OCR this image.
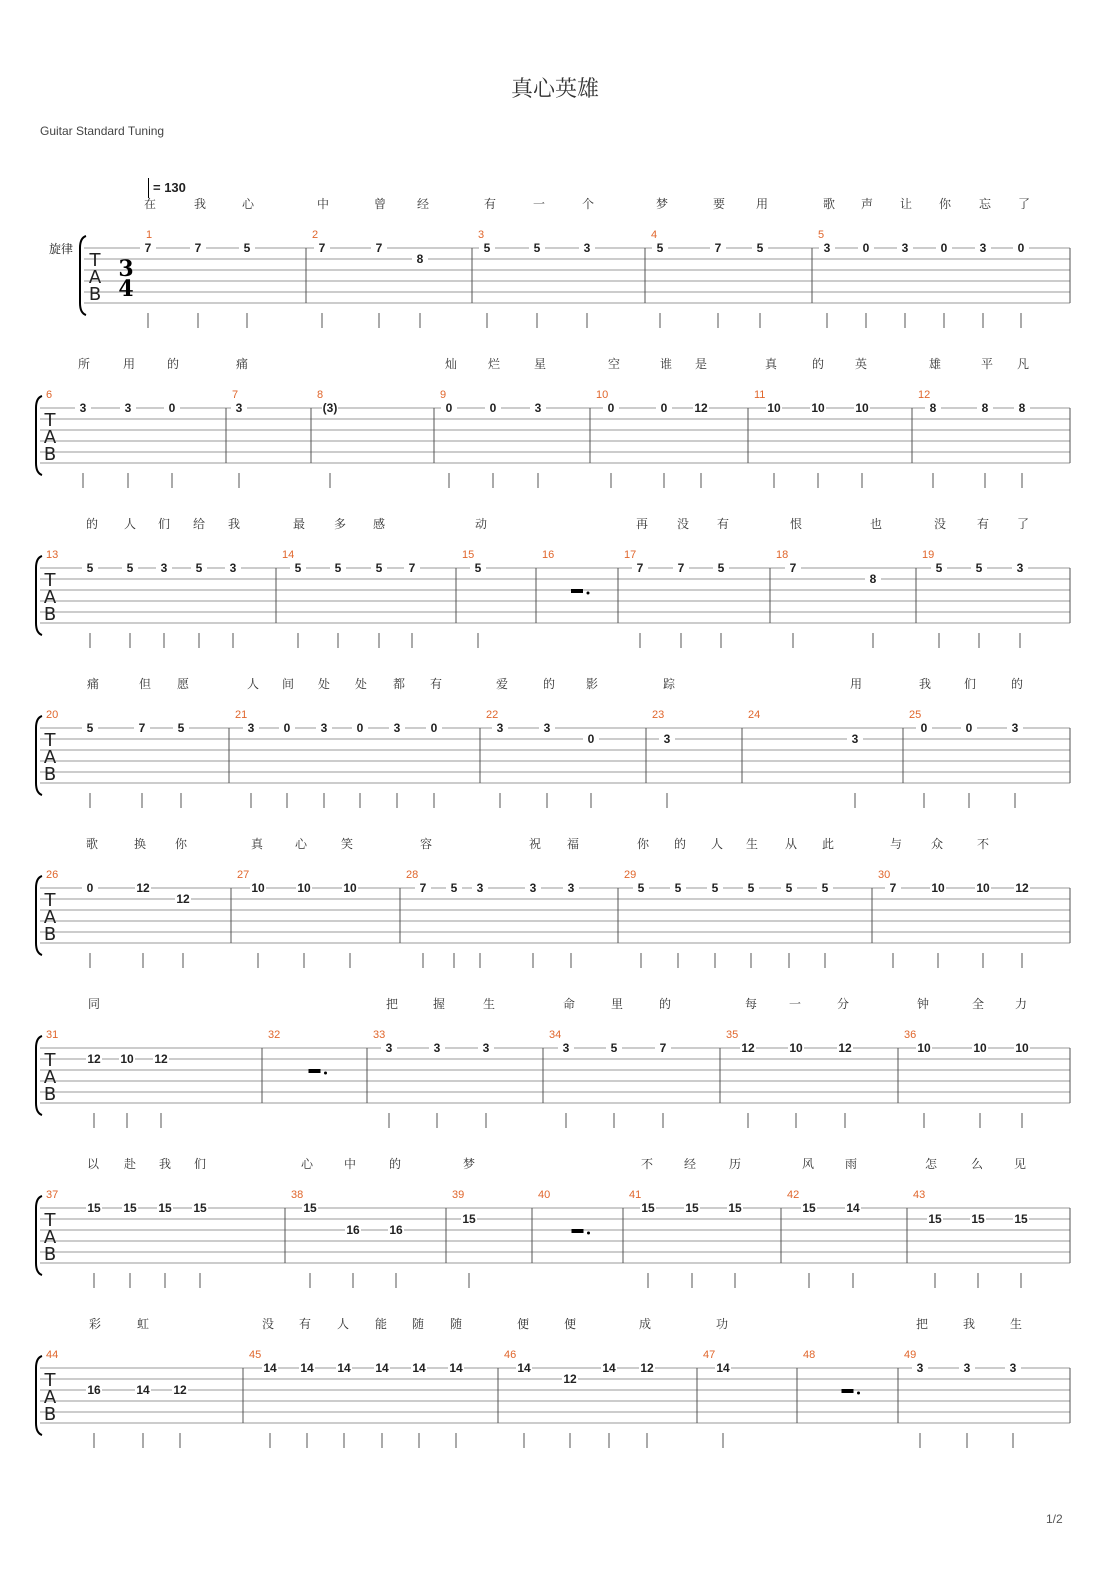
真心英雄
Guitar Standard Tuning
= 130
旋律
1/2
T
A
B
3
4
在	我	心	中	曾	经	有	一	个	梦	要	用	歌 声 让 你 忘 了
1
7	7	5
2
7	7
8
3
5	5	3
4
5	7	5
5
3	0	3	0	3	0
T
A
B
所	用	的	痛	灿	烂	星	空	谁 是	真	的	英	雄	平 凡
6
3	3	0
7
3
8
(3)
9
0	0	3
10
0	0 12
11
10	10	10
12
8	8	8
T
A
B
的 人 们 给 我	最 多 感	动	再 没 有	恨	也	没	有 了
13
5	5 3 5 3
14
5	5	5 7
15
5
16	17
7	7	5
18
7
8
19
5	5	3
T
A
B
痛	但 愿	人 间 处 处 都 有	爱	的	影	踪	用	我	们	的
20
5	7	5
21
3 0	3 0	3	0
22
3	3
0
23
3
24
3
25
0	0	3
T
A
B
歌	换 你	真	心	笑	容	祝 福	你 的 人 生 从 此	与 众	不
26
0	12
12
27
10	10	10
28
7 5 3	3	3
29
5	5	5 5	5 5
30
7	10	10 12
T
A
B
同	把	握	生	命	里	的	每	一	分	钟	全	力
31
12 10 12
32	33
3	3	3
34
3	5	7
35
12	10	12
36
10	10 10
T
A
B
以 赴 我 们	心	中	的	梦	不	经	历	风	雨	怎	么	见
37
15 15 15 15
38
15
16 16
39
15
40	41
15	15 15
42
15	14
43
15 15 15
T
A
B
彩	虹	没 有 人 能 随 随	便	便	成	功	把	我	生
44
16	14 12
45
14 14 14 14 14 14
46
14
12
14 12
47
14
48	49
3	3	3
